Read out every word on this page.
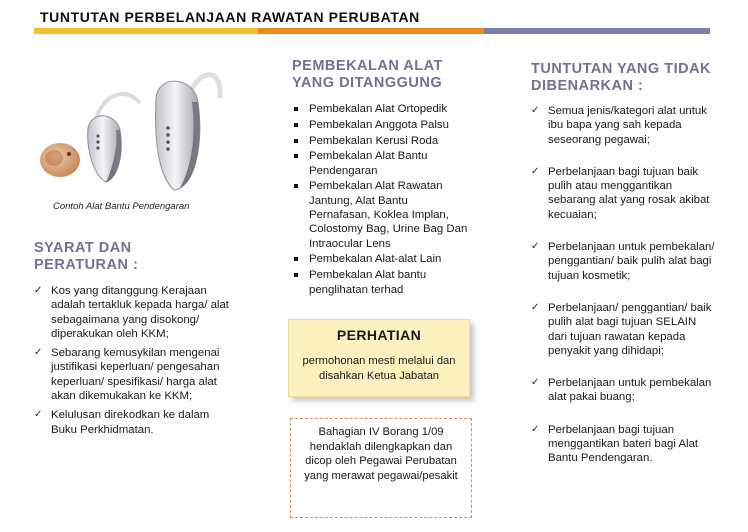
TUNTUTAN PERBELANJAAN RAWATAN PERUBATAN
Contoh Alat Bantu Pendengaran
SYARAT DAN
PERATURAN :
✓ Kos yang ditanggung Kerajaan adalah tertakluk kepada harga/ alat sebagaimana yang disokong/ diperakukan oleh KKM;
✓ Sebarang kemusykilan mengenai justifikasi keperluan/ pengesahan keperluan/ spesifikasi/ harga alat akan dikemukakan ke KKM;
✓ Kelulusan direkodkan ke dalam Buku Perkhidmatan.
PEMBEKALAN ALAT
YANG DITANGGUNG
Pembekalan Alat Ortopedik
Pembekalan Anggota Palsu
Pembekalan Kerusi Roda
Pembekalan Alat Bantu Pendengaran
Pembekalan Alat Rawatan Jantung, Alat Bantu Pernafasan, Koklea Implan, Colostomy Bag, Urine Bag Dan Intraocular Lens
Pembekalan Alat-alat Lain
Pembekalan Alat bantu penglihatan terhad
PERHATIAN
permohonan mesti melalui dan disahkan Ketua Jabatan
Bahagian IV Borang 1/09 hendaklah dilengkapkan dan dicop oleh Pegawai Perubatan yang merawat pegawai/pesakit
TUNTUTAN YANG TIDAK
DIBENARKAN :
✓ Semua jenis/kategori alat untuk ibu bapa yang sah kepada seseorang pegawai;
✓ Perbelanjaan bagi tujuan baik pulih atau menggantikan sebarang alat yang rosak akibat kecuaian;
✓ Perbelanjaan untuk pembekalan/ penggantian/ baik pulih alat bagi tujuan kosmetik;
✓ Perbelanjaan/ penggantian/ baik pulih alat bagi tujuan SELAIN dari tujuan rawatan kepada penyakit yang dihidapi;
✓ Perbelanjaan untuk pembekalan alat pakai buang;
✓ Perbelanjaan bagi tujuan menggantikan bateri bagi Alat Bantu Pendengaran.
